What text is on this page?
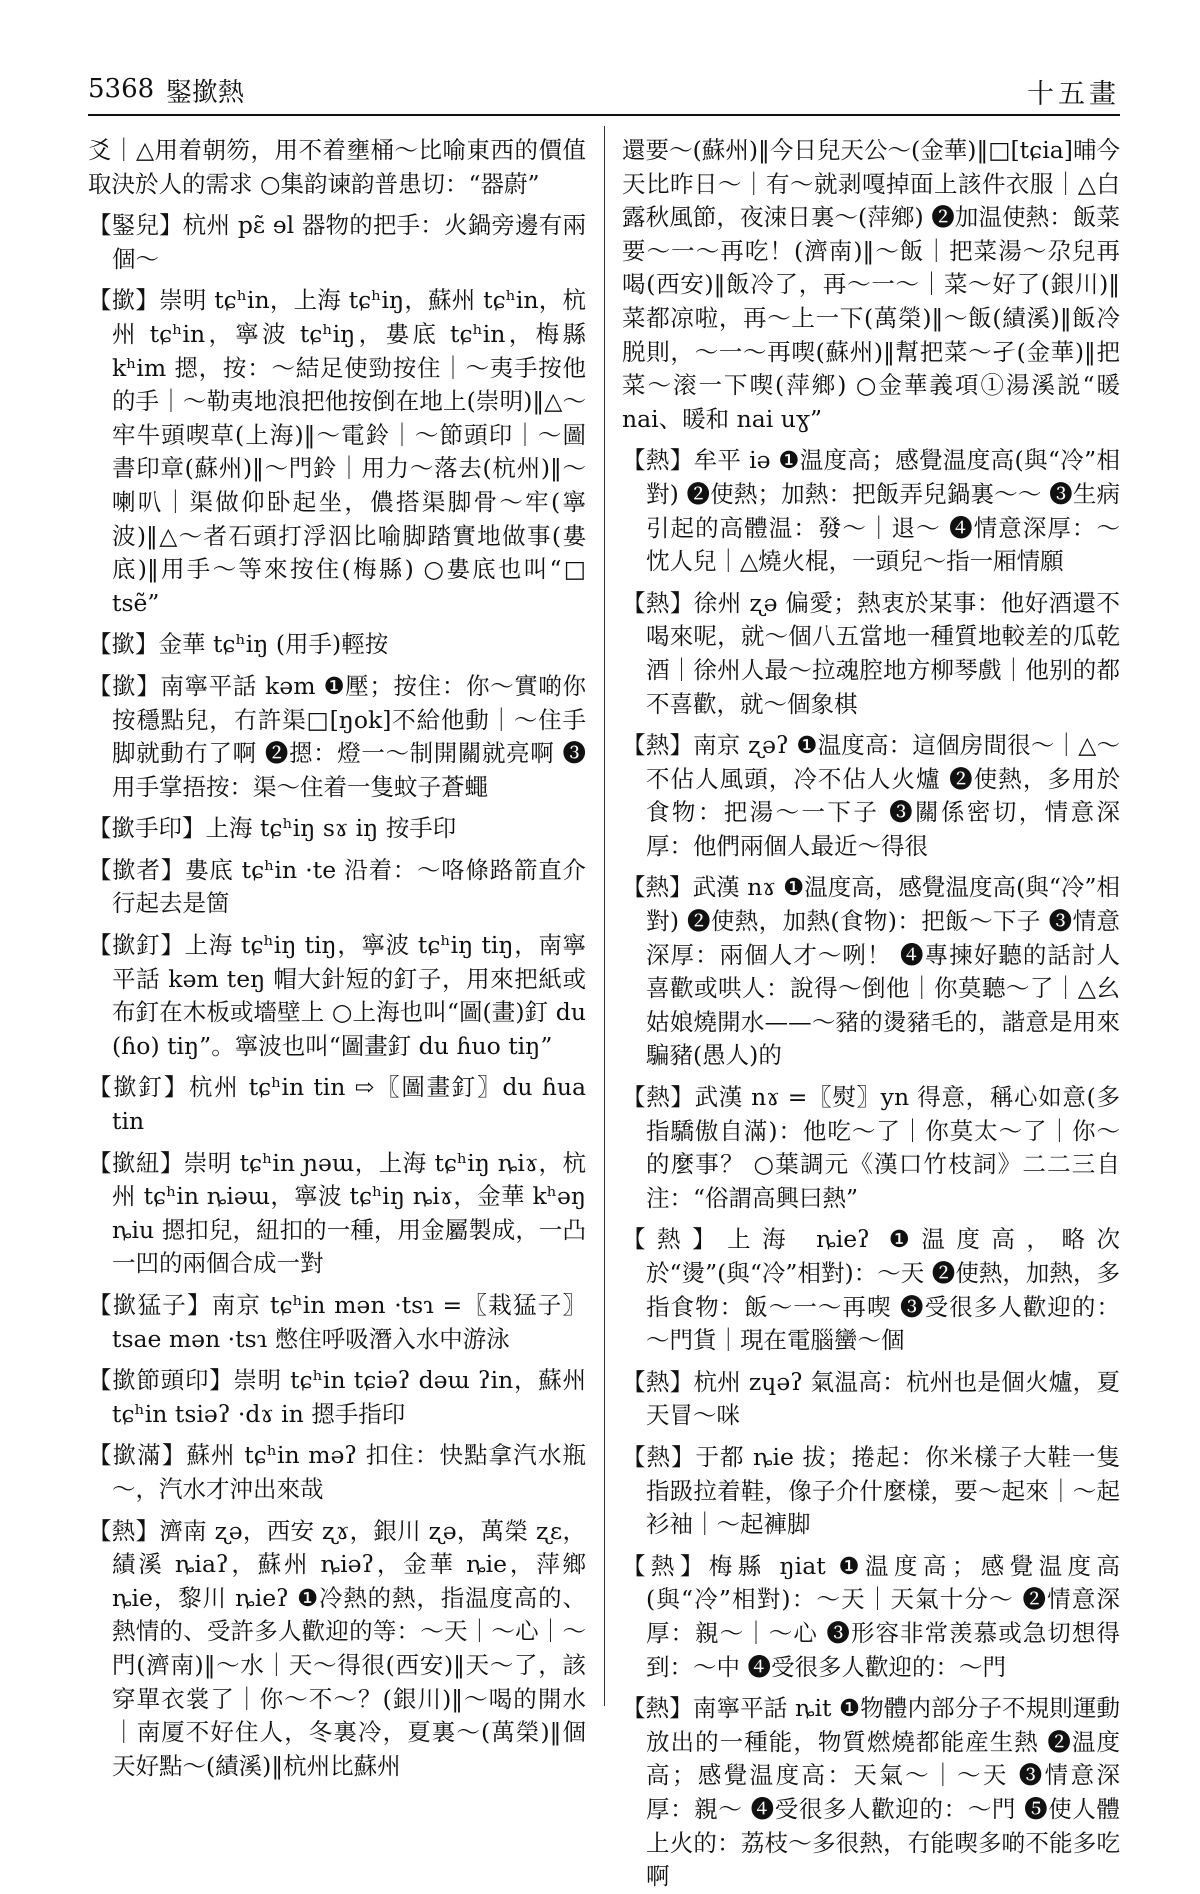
5368 鋻撳熱	十五畫

爻｜△用着朝笏，用不着壅桶～比喻東西的價值取決於人的需求 ○集韵谏韵普患切：“器蔚”

【鋻兒】杭州 pɛ̃ ɘl 器物的把手：火鍋旁邊有兩個～

【撳】崇明 tɕʰin，上海 tɕʰiŋ，蘇州 tɕʰin，杭州 tɕʰin，寧波 tɕʰiŋ，婁底 tɕʰin，梅縣 kʰim 摁，按：～結足使勁按住｜～夷手按他的手｜～勒夷地浪把他按倒在地上(崇明)‖△～牢牛頭喫草(上海)‖～電鈴｜～節頭印｜～圖書印章(蘇州)‖～門鈴｜用力～落去(杭州)‖～喇叭｜渠做仰卧起坐，儂搭渠脚骨～牢(寧波)‖△～者石頭打浮泅比喻脚踏實地做事(婁底)‖用手～等來按住(梅縣) ○婁底也叫“□ tsẽ”

【撳】金華 tɕʰiŋ (用手)輕按

【撳】南寧平話 kəm ❶壓；按住：你～實啲你按穩點兒，冇許渠□[ŋok]不給他動｜～住手脚就動冇了啊 ❷摁：燈一～制開關就亮啊 ❸用手掌捂按：渠～住着一隻蚊子蒼蠅

【撳手印】上海 tɕʰiŋ sɤ iŋ 按手印

【撳者】婁底 tɕʰin ·te 沿着：～咯條路箭直介行起去是箇

【撳釘】上海 tɕʰiŋ tiŋ，寧波 tɕʰiŋ tiŋ，南寧平話 kəm teŋ 帽大針短的釘子，用來把紙或布釘在木板或墻壁上 ○上海也叫“圖(畫)釘 du (ɦo) tiŋ”。寧波也叫“圖畫釘 du ɦuo tiŋ”

【撳釘】杭州 tɕʰin tin ⇨〖圖畫釘〗du ɦua tin

【撳紐】崇明 tɕʰin ɲəɯ，上海 tɕʰiŋ ȵiɤ，杭州 tɕʰin ȵiəɯ，寧波 tɕʰiŋ ȵiɤ，金華 kʰəŋ ȵiu 摁扣兒，紐扣的一種，用金屬製成，一凸一凹的兩個合成一對

【撳猛子】南京 tɕʰin mən ·tsɿ =〖栽猛子〗tsae mən ·tsɿ 憋住呼吸潛入水中游泳

【撳節頭印】崇明 tɕʰin tɕiəʔ dəɯ ʔin，蘇州 tɕʰin tsiəʔ ·dɤ in 摁手指印

【撳滿】蘇州 tɕʰin məʔ 扣住：快點拿汽水瓶～，汽水才沖出來哉

【熱】濟南 ʐə，西安 ʐɤ，銀川 ʐə，萬榮 ʐɛ，績溪 ȵiaʔ，蘇州 ȵiəʔ，金華 ȵie，萍鄉 ȵie，黎川 ȵieʔ ❶冷熱的熱，指温度高的、熱情的、受許多人歡迎的等：～天｜～心｜～門(濟南)‖～水｜天～得很(西安)‖天～了，該穿單衣裳了｜你～不～？(銀川)‖～喝的開水｜南厦不好住人，冬裏冷，夏裏～(萬榮)‖個天好點～(績溪)‖杭州比蘇州

還要～(蘇州)‖今日兒天公～(金華)‖□[tɕia]晡今天比昨日～｜有～就剥嘎掉面上該件衣服｜△白露秋風節，夜涑日裏～(萍鄉) ❷加温使熱：飯菜要～一～再吃！(濟南)‖～飯｜把菜湯～尕兒再喝(西安)‖飯冷了，再～一～｜菜～好了(銀川)‖菜都凉啦，再～上一下(萬榮)‖～飯(績溪)‖飯冷脱則，～一～再喫(蘇州)‖幫把菜～孑(金華)‖把菜～滚一下喫(萍鄉) ○金華義項①湯溪説“暖 nai、暖和 nai uɣ”

【熱】牟平 iə ❶温度高；感覺温度高(與“冷”相對) ❷使熱；加熱：把飯弄兒鍋裏～～ ❸生病引起的高體温：發～｜退～ ❹情意深厚：～忱人兒｜△燒火棍，一頭兒～指一厢情願

【熱】徐州 ʐə 偏愛；熱衷於某事：他好酒還不喝來呢，就～個八五當地一種質地較差的瓜乾酒｜徐州人最～拉魂腔地方柳琴戲｜他别的都不喜歡，就～個象棋

【熱】南京 ʐəʔ ❶温度高：這個房間很～｜△～不佔人風頭，冷不佔人火爐 ❷使熱，多用於食物：把湯～一下子 ❸關係密切，情意深厚：他們兩個人最近～得很

【熱】武漢 nɤ ❶温度高，感覺温度高(與“冷”相對) ❷使熱，加熱(食物)：把飯～下子 ❸情意深厚：兩個人才～咧！ ❹專揀好聽的話討人喜歡或哄人：說得～倒他｜你莫聽～了｜△幺姑娘燒開水——～豬的燙豬毛的，諧意是用來騙豬(愚人)的

【熱】武漢 nɤ =〖熨〗yn 得意，稱心如意(多指驕傲自滿)：他吃～了｜你莫太～了｜你～的麼事？ ○葉調元《漢口竹枝詞》二二三自注：“俗謂高興曰熱”

【熱】上海 ȵieʔ ❶温度高，略次於“燙”(與“冷”相對)：～天 ❷使熱，加熱，多指食物：飯～一～再喫 ❸受很多人歡迎的：～門貨｜現在電腦蠻～個

【熱】杭州 zɥəʔ 氣温高：杭州也是個火爐，夏天冒～咪

【熱】于都 ȵie 拔；捲起：你米樣子大鞋一隻指趿拉着鞋，像子介什麼樣，要～起來｜～起衫袖｜～起褲脚

【熱】梅縣 ŋiat ❶温度高；感覺温度高(與“冷”相對)：～天｜天氣十分～ ❷情意深厚：親～｜～心 ❸形容非常羡慕或急切想得到：～中 ❹受很多人歡迎的：～門

【熱】南寧平話 ȵit ❶物體内部分子不規則運動放出的一種能，物質燃燒都能産生熱 ❷温度高；感覺温度高：天氣～｜～天 ❸情意深厚：親～ ❹受很多人歡迎的：～門 ❺使人體上火的：荔枝～多很熱，冇能喫多啲不能多吃啊
